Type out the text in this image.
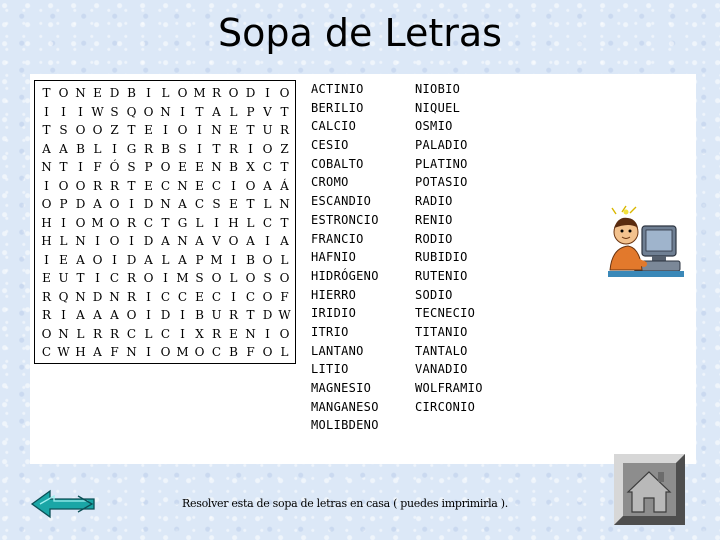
Sopa de Letras
T O N E D B I L O M R O D I O
I	I	I W S Q O N I T A L P V T
T S O O Z T E I O I N E T U R
A A B L I G R B S I T R I O Z
N T I F Ó S P O E E N B X C T
I O O R R T E C N E C I O A Á
O P D A O I D N A C S E T L N
H I O M O R C T G L I H L C T
H L N I O I D A N A V O A I A
I E A O I D A L A P M I B O L
E U T I C R O I M S O L O S O
R Q N D N R I C C E C I C O F
R I A A A O I D I B U R T D W
O N L R R C L C I X R E N I O
C W H A F N I O M O C B F O L
ACTINIO
BERILIO
CALCIO
CESIO
COBALTO
CROMO
ESCANDIO
ESTRONCIO
FRANCIO
HAFNIO
HIDRÓGENO
HIERRO
IRIDIO
ITRIO
LANTANO
LITIO
MAGNESIO
MANGANESO
MOLIBDENO
NIOBIO
NIQUEL
OSMIO
PALADIO
PLATINO
POTASIO
RADIO
RENIO
RODIO
RUBIDIO
RUTENIO
SODIO
TECNECIO
TITANIO
TANTALO
VANADIO
WOLFRAMIO
CIRCONIO
Resolver esta de sopa de letras en casa ( puedes imprimirla ).
